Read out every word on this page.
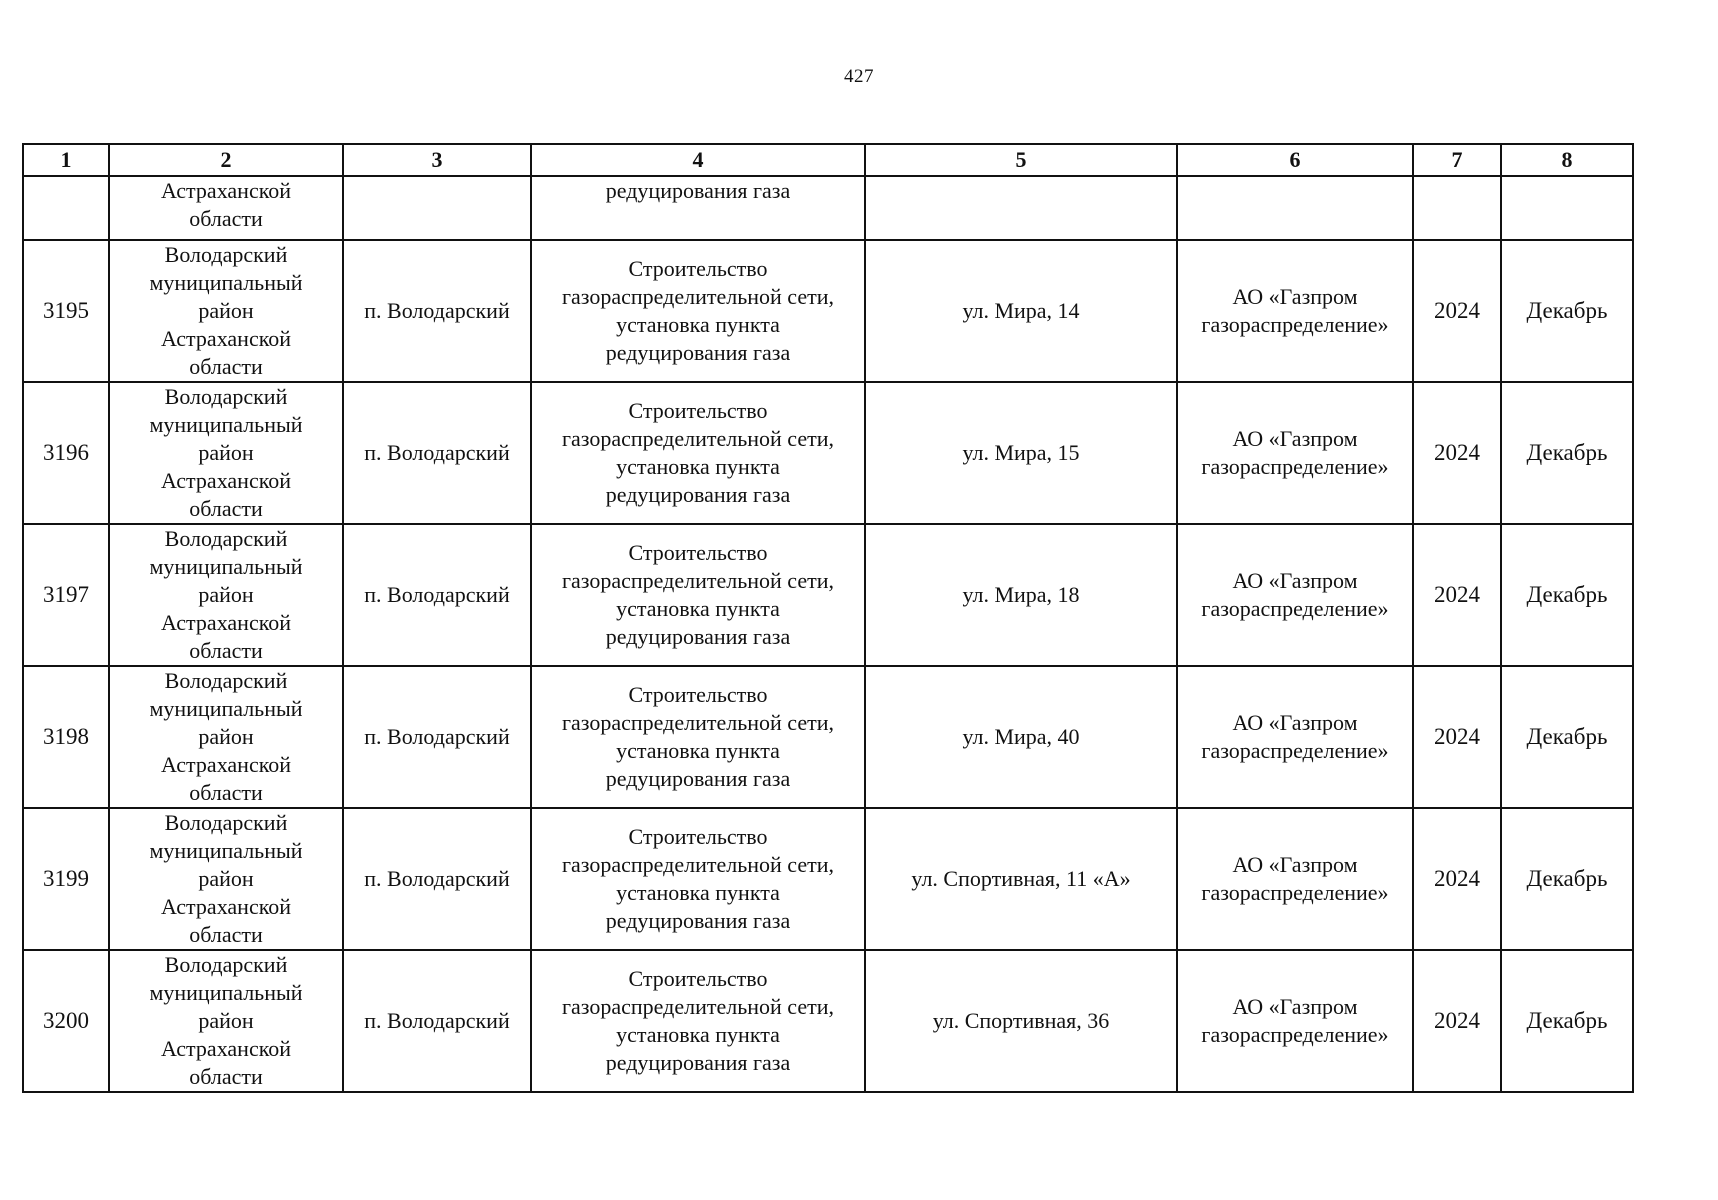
427
1	2	3	4	5	6	7	8

	Астраханской
области		редуцирования газа				
3195	Володарский
муниципальный
район
Астраханской
области	п. Володарский	Строительство
газораспределительной сети,
установка пункта
редуцирования газа	ул. Мира, 14	АО «Газпром
газораспределение»	2024	Декабрь
3196	Володарский
муниципальный
район
Астраханской
области	п. Володарский	Строительство
газораспределительной сети,
установка пункта
редуцирования газа	ул. Мира, 15	АО «Газпром
газораспределение»	2024	Декабрь
3197	Володарский
муниципальный
район
Астраханской
области	п. Володарский	Строительство
газораспределительной сети,
установка пункта
редуцирования газа	ул. Мира, 18	АО «Газпром
газораспределение»	2024	Декабрь
3198	Володарский
муниципальный
район
Астраханской
области	п. Володарский	Строительство
газораспределительной сети,
установка пункта
редуцирования газа	ул. Мира, 40	АО «Газпром
газораспределение»	2024	Декабрь
3199	Володарский
муниципальный
район
Астраханской
области	п. Володарский	Строительство
газораспределительной сети,
установка пункта
редуцирования газа	ул. Спортивная, 11 «А»	АО «Газпром
газораспределение»	2024	Декабрь
3200	Володарский
муниципальный
район
Астраханской
области	п. Володарский	Строительство
газораспределительной сети,
установка пункта
редуцирования газа	ул. Спортивная, 36	АО «Газпром
газораспределение»	2024	Декабрь
